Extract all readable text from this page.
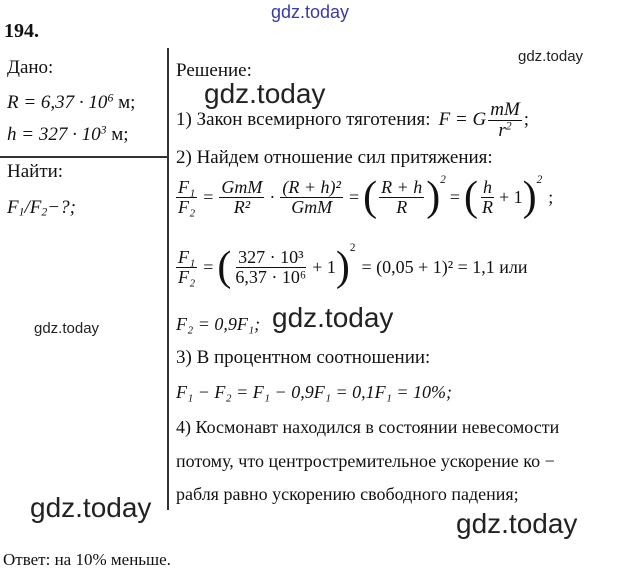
gdz.today
gdz.today
gdz.today
gdz.today	gdz.today
gdz.today
gdz.today
194.
Дано:
$R = 6,37 \cdot 10^6$ м;
$h = 327 \cdot 10^3$ м;
Найти:
$F_1/F_2-$?;
Решение:
1) Закон всемирного тяготения: F = G $\frac{mM}{r^2}$ ;
2) Найдем отношение сил притяжения:
$\frac{\text{F₁}}{\text{F₂}} = \frac{\text{GmM}}{\text{R²}} \cdot \frac{\text{(R + h)²}}{\text{GmM}}$ = ( $\frac{R + h}{R}$ ) 2
= ( $\frac{h}{R} + 1$ ) 2
;
$\frac{\text{F₁}}{\text{F₂}}$ = ( $\frac{\text{327 · 10³}}{\text{6,37 · 10⁶}} + 1$ ) 2
= (0,05 + 1)² = 1,1 или
F₂ = 0,9F₁;
3) В процентном соотношении:
F₁ − F₂ = F₁ − 0,9F₁ = 0,1F₁ = 10%;
4) Космонавт находился в состоянии невесомости
потому, что центростремительное ускорение ко −
рабля равно ускорению свободного падения;
Ответ: на 10% меньше.
